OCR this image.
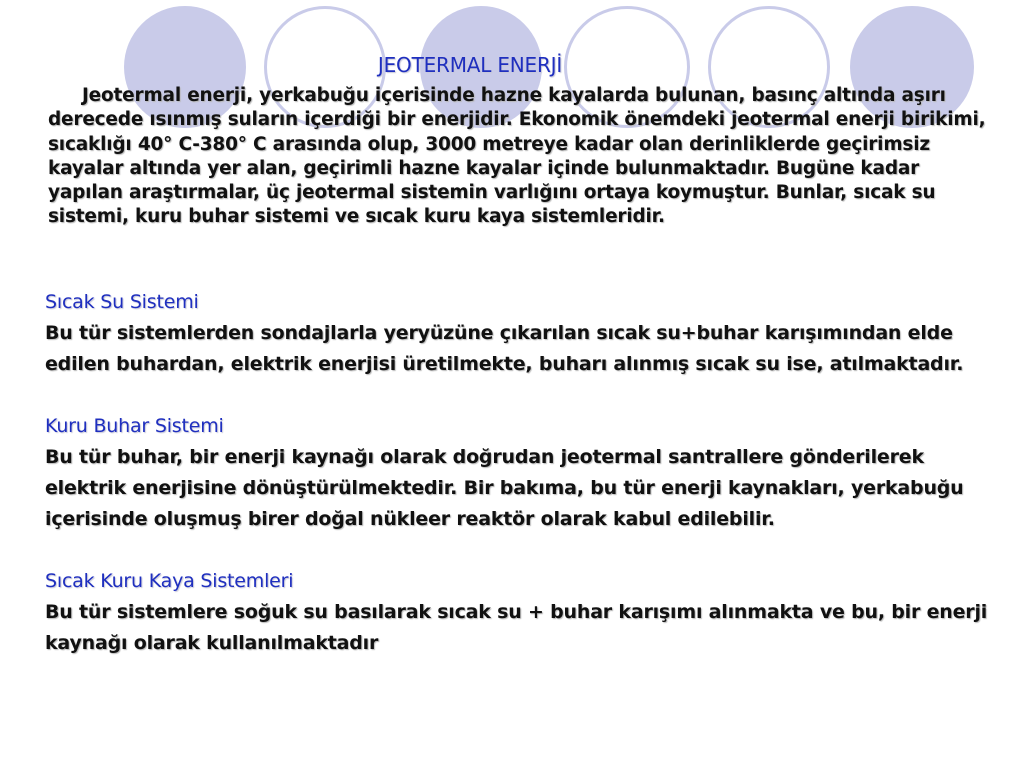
JEOTERMAL ENERJİ
Jeotermal enerji, yerkabuğu içerisinde hazne kayalarda bulunan, basınç altında aşırı derecede ısınmış suların içerdiği bir enerjidir. Ekonomik önemdeki jeotermal enerji birikimi, sıcaklığı 40° C-380° C arasında olup, 3000 metreye kadar olan derinliklerde geçirimsiz kayalar altında yer alan, geçirimli hazne kayalar içinde bulunmaktadır. Bugüne kadar yapılan araştırmalar, üç jeotermal sistemin varlığını ortaya koymuştur. Bunlar, sıcak su sistemi, kuru buhar sistemi ve sıcak kuru kaya sistemleridir.
Sıcak Su Sistemi
Bu tür sistemlerden sondajlarla yeryüzüne çıkarılan sıcak su+buhar karışımından elde edilen buhardan, elektrik enerjisi üretilmekte, buharı alınmış sıcak su ise, atılmaktadır.
Kuru Buhar Sistemi
Bu tür buhar, bir enerji kaynağı olarak doğrudan jeotermal santrallere gönderilerek elektrik enerjisine dönüştürülmektedir. Bir bakıma, bu tür enerji kaynakları, yerkabuğu içerisinde oluşmuş birer doğal nükleer reaktör olarak kabul edilebilir.
Sıcak Kuru Kaya Sistemleri
Bu tür sistemlere soğuk su basılarak sıcak su + buhar karışımı alınmakta ve bu, bir enerji kaynağı olarak kullanılmaktadır
